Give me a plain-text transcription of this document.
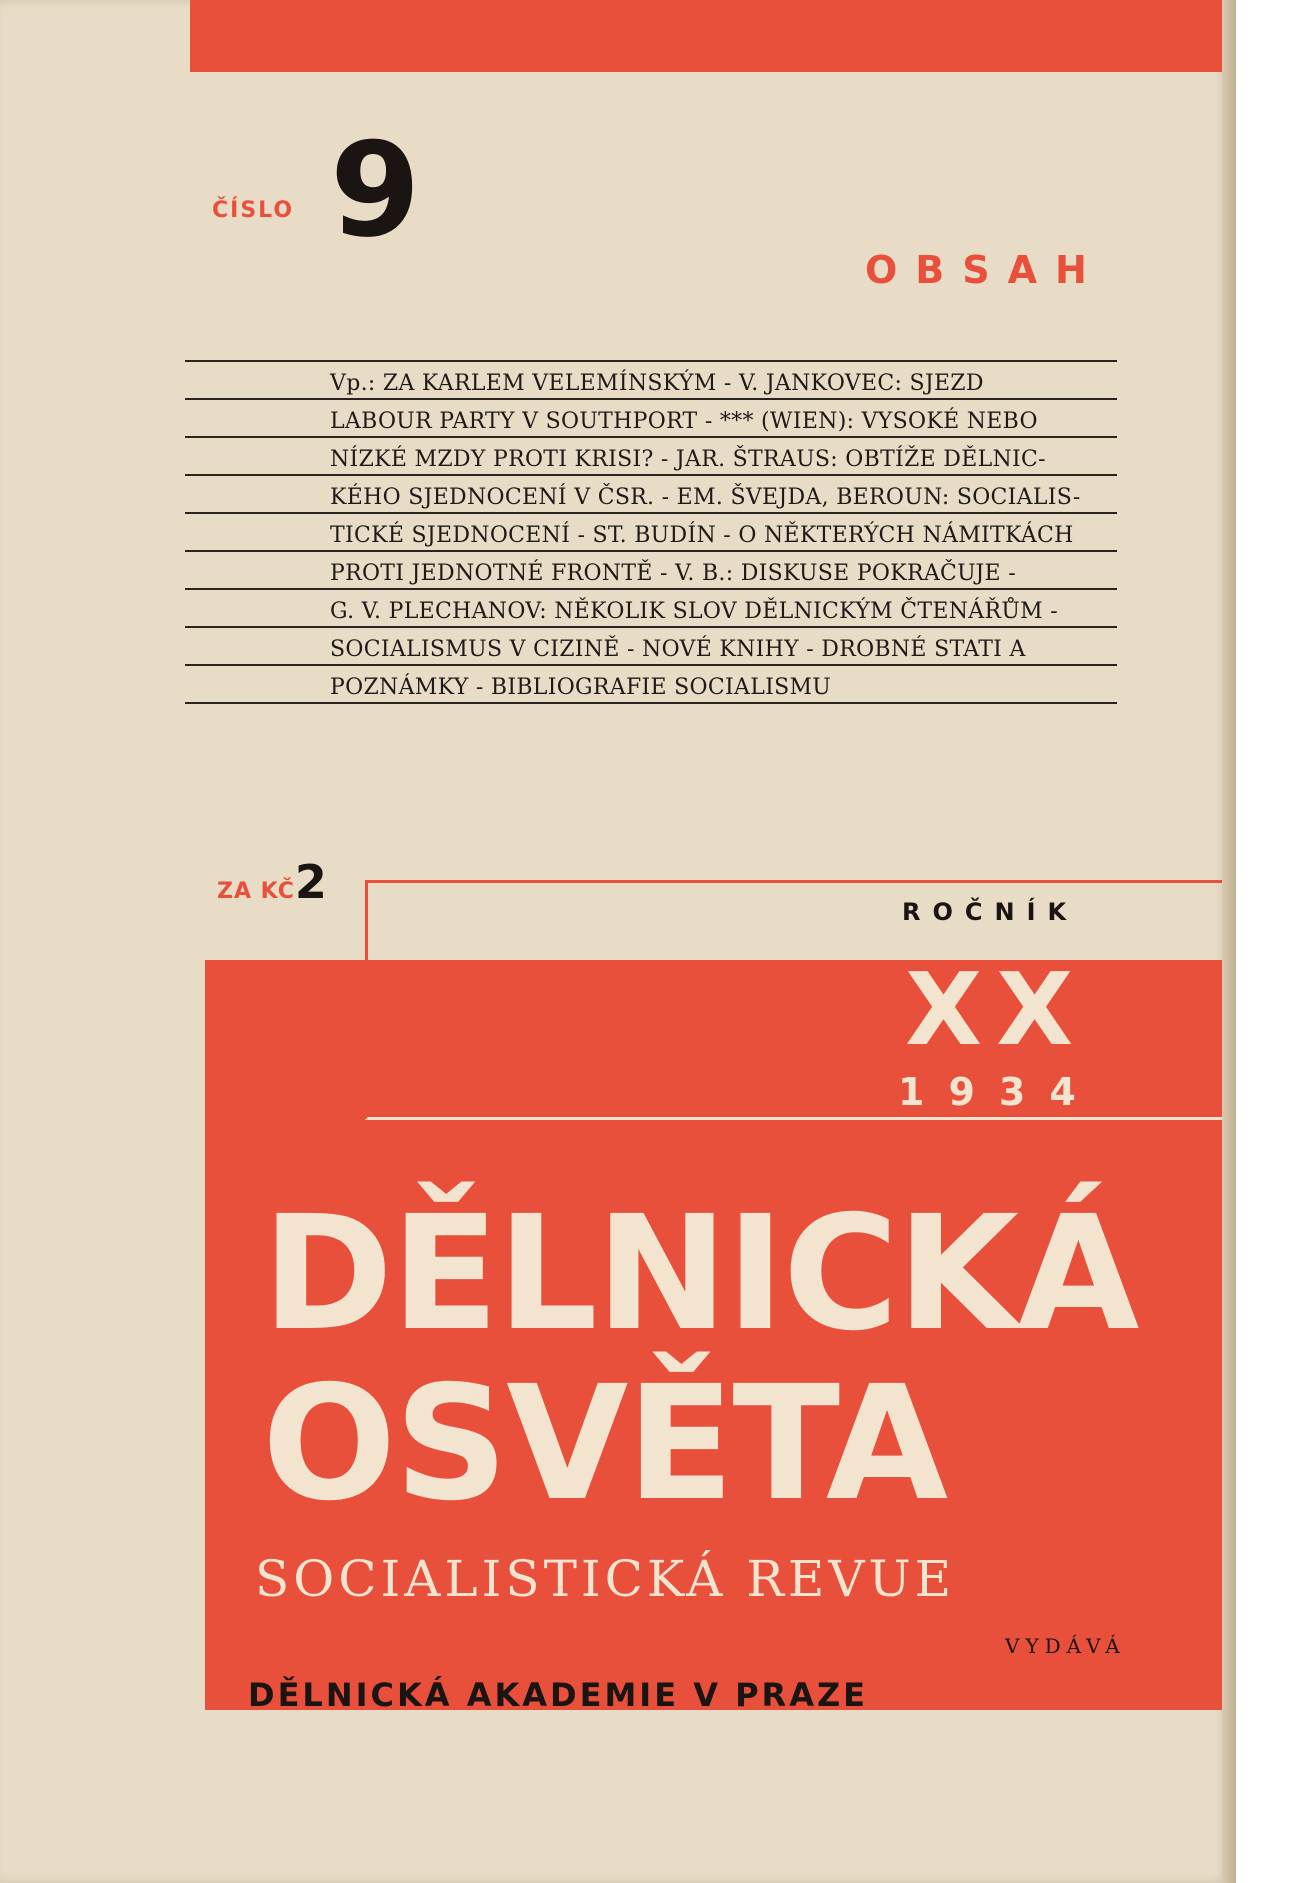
ČÍSLO 9
OBSAH
Vp.: ZA KARLEM VELEMÍNSKÝM - V. JANKOVEC: SJEZD
LABOUR PARTY V SOUTHPORT - *** (WIEN): VYSOKÉ NEBO
NÍZKÉ MZDY PROTI KRISI? - JAR. ŠTRAUS: OBTÍŽE DĚLNIC-
KÉHO SJEDNOCENÍ V ČSR. - EM. ŠVEJDA, BEROUN: SOCIALIS-
TICKÉ SJEDNOCENÍ - ST. BUDÍN - O NĚKTERÝCH NÁMITKÁCH
PROTI JEDNOTNÉ FRONTĚ - V. B.: DISKUSE POKRAČUJE -
G. V. PLECHANOV: NĚKOLIK SLOV DĚLNICKÝM ČTENÁŘŮM -
SOCIALISMUS V CIZINĚ - NOVÉ KNIHY - DROBNÉ STATI A
POZNÁMKY - BIBLIOGRAFIE SOCIALISMU
ZA KČ2
ROČNÍK
XX
1934
DĚLNICKÁ
OSVĚTA
SOCIALISTICKÁ REVUE
VYDÁVÁ
DĚLNICKÁ AKADEMIE V PRAZE
